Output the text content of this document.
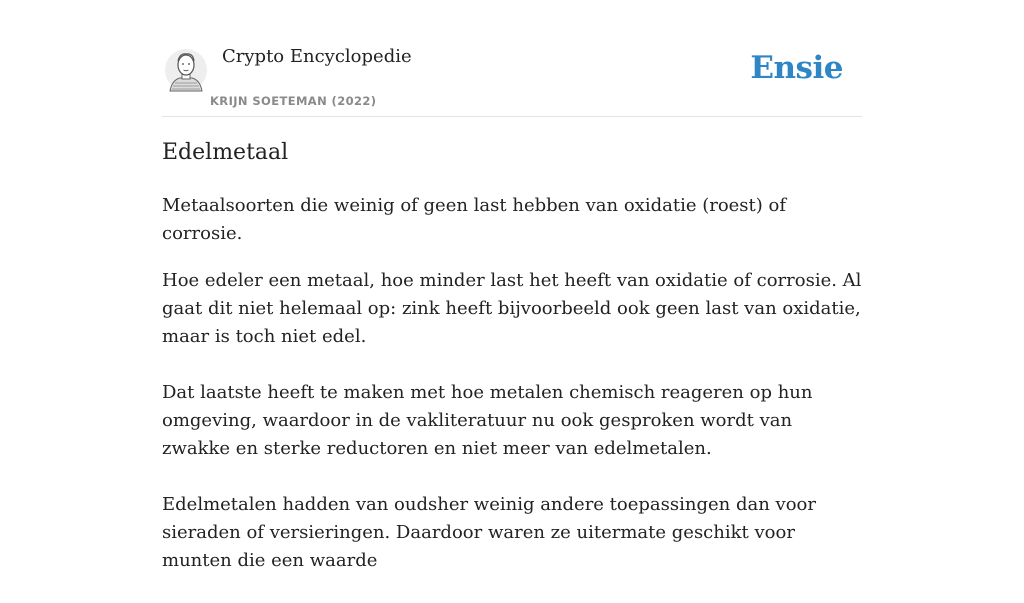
Crypto Encyclopedie
KRIJN SOETEMAN (2022)
Ensie
Edelmetaal

Metaalsoorten die weinig of geen last hebben van oxidatie (roest) of corrosie.

Hoe edeler een metaal, hoe minder last het heeft van oxidatie of corrosie. Al gaat dit niet helemaal op: zink heeft bijvoorbeeld ook geen last van oxidatie, maar is toch niet edel.

Dat laatste heeft te maken met hoe metalen chemisch reageren op hun omgeving, waardoor in de vakliteratuur nu ook gesproken wordt van zwakke en sterke reductoren en niet meer van edelmetalen.

Edelmetalen hadden van oudsher weinig andere toepassingen dan voor sieraden of versieringen. Daardoor waren ze uitermate geschikt voor munten die een waarde
